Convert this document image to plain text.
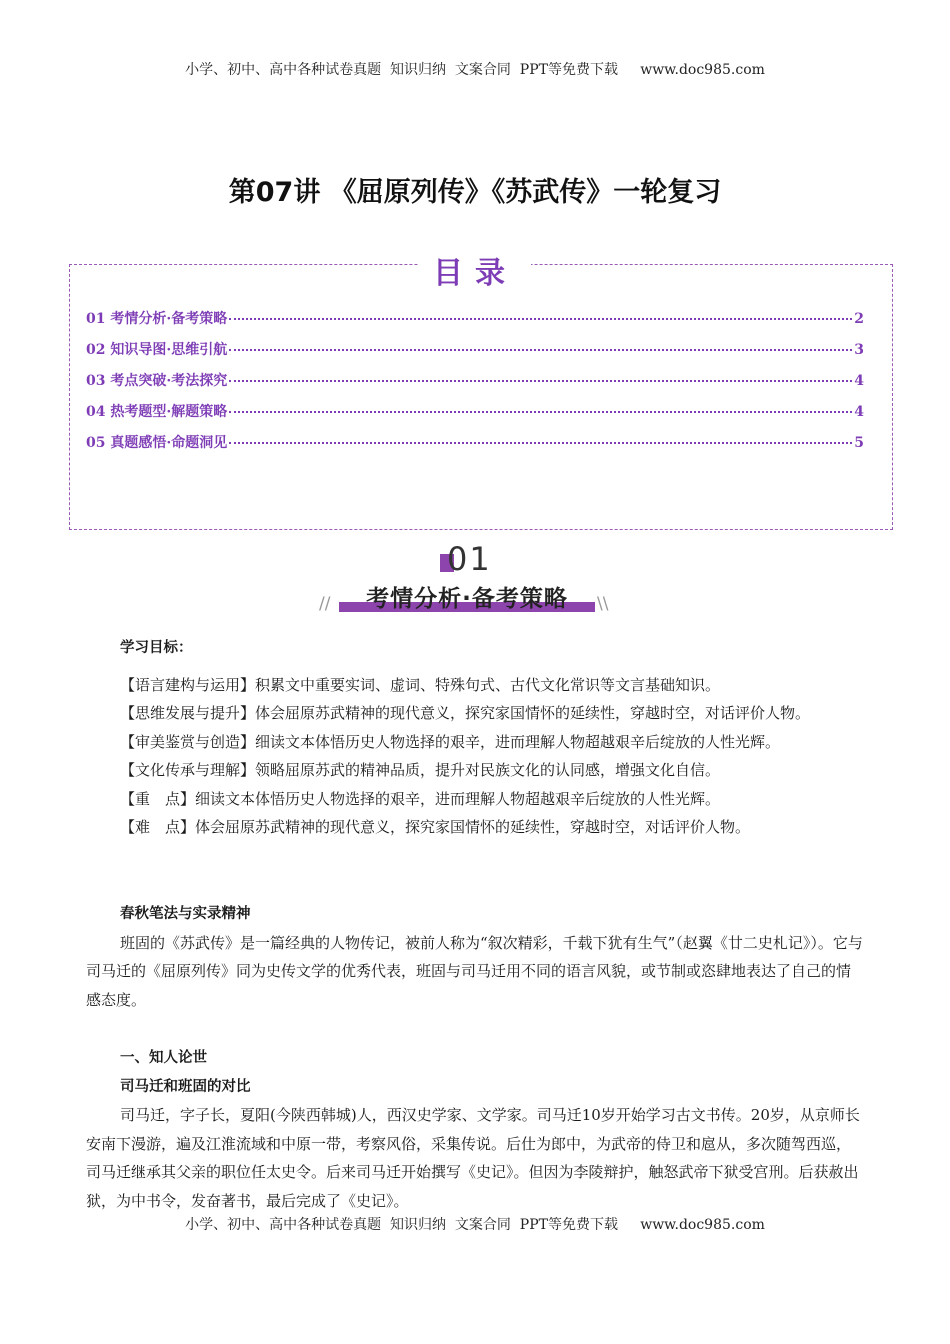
小学、初中、高中各种试卷真题  知识归纳  文案合同  PPT等免费下载     www.doc985.com
第07讲 《屈原列传》《苏武传》一轮复习
目录
01 考情分析·备考策略	2
02 知识导图·思维引航	3
03 考点突破·考法探究	4
04 热考题型·解题策略	4
05 真题感悟·命题洞见	5
01
//	考情分析·备考策略	\\

学习目标：

【语言建构与运用】积累文中重要实词、虚词、特殊句式、古代文化常识等文言基础知识。

【思维发展与提升】体会屈原苏武精神的现代意义，探究家国情怀的延续性，穿越时空，对话评价人物。

【审美鉴赏与创造】细读文本体悟历史人物选择的艰辛，进而理解人物超越艰辛后绽放的人性光辉。

【文化传承与理解】领略屈原苏武的精神品质，提升对民族文化的认同感，增强文化自信。

【重　点】细读文本体悟历史人物选择的艰辛，进而理解人物超越艰辛后绽放的人性光辉。

【难　点】体会屈原苏武精神的现代意义，探究家国情怀的延续性，穿越时空，对话评价人物。

春秋笔法与实录精神

班固的《苏武传》是一篇经典的人物传记，被前人称为“叙次精彩，千载下犹有生气”（赵翼《廿二史札记》）。它与司马迁的《屈原列传》同为史传文学的优秀代表，班固与司马迁用不同的语言风貌，或节制或恣肆地表达了自己的情感态度。

一、知人论世

司马迁和班固的对比

司马迁，字子长，夏阳(今陕西韩城)人，西汉史学家、文学家。司马迁10岁开始学习古文书传。20岁，从京师长安南下漫游，遍及江淮流域和中原一带，考察风俗，采集传说。后仕为郎中，为武帝的侍卫和扈从，多次随驾西巡，司马迁继承其父亲的职位任太史令。后来司马迁开始撰写《史记》。但因为李陵辩护，触怒武帝下狱受宫刑。后获赦出狱，为中书令，发奋著书，最后完成了《史记》。

小学、初中、高中各种试卷真题  知识归纳  文案合同  PPT等免费下载     www.doc985.com
